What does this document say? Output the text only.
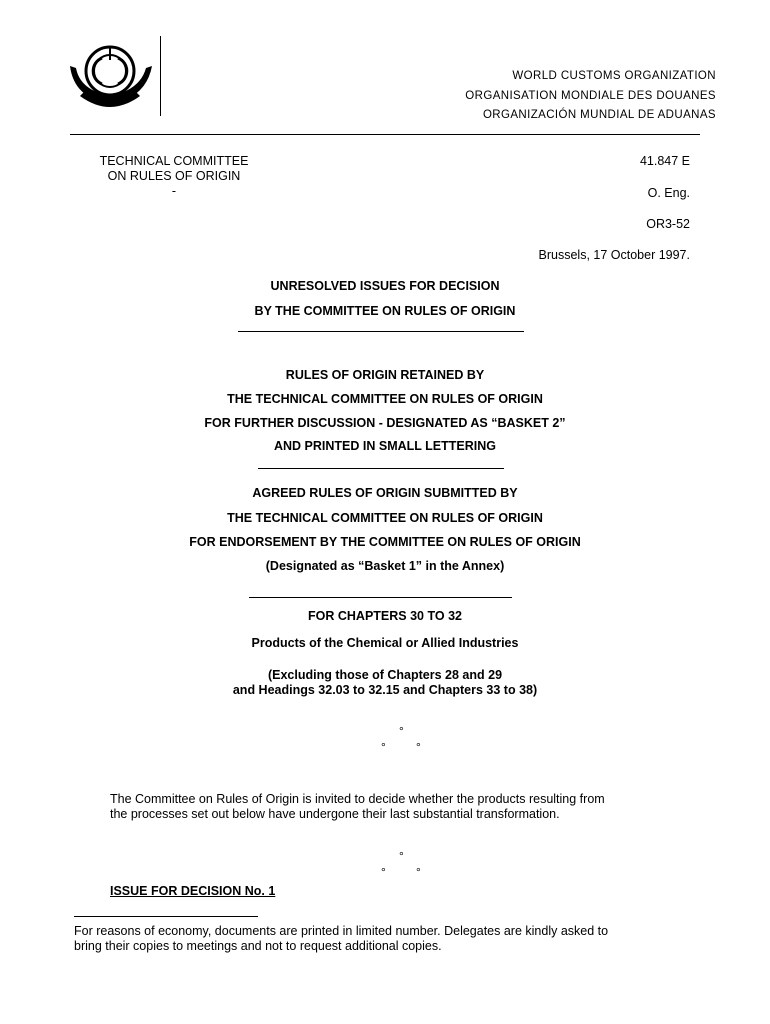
WORLD CUSTOMS ORGANIZATION
ORGANISATION MONDIALE DES DOUANES
ORGANIZACIÓN MUNDIAL DE ADUANAS
TECHNICAL COMMITTEE
ON RULES OF ORIGIN
-
41.847 E
O. Eng.
OR3-52
Brussels, 17 October 1997.
UNRESOLVED ISSUES FOR DECISION
BY THE COMMITTEE ON RULES OF ORIGIN
RULES OF ORIGIN RETAINED BY
THE TECHNICAL COMMITTEE ON RULES OF ORIGIN
FOR FURTHER DISCUSSION - DESIGNATED AS “BASKET 2”
AND PRINTED IN SMALL LETTERING
AGREED RULES OF ORIGIN SUBMITTED BY
THE TECHNICAL COMMITTEE ON RULES OF ORIGIN
FOR ENDORSEMENT BY THE COMMITTEE ON RULES OF ORIGIN
(Designated as “Basket 1” in the Annex)
FOR CHAPTERS 30 TO 32
Products of the Chemical or Allied Industries
(Excluding those of Chapters 28 and 29
and Headings 32.03 to 32.15 and Chapters 33 to 38)
°
°	°
The Committee on Rules of Origin is invited to decide whether the products resulting from
the processes set out below have undergone their last substantial transformation.
°
°	°
ISSUE FOR DECISION No. 1
For reasons of economy, documents are printed in limited number. Delegates are kindly asked to
bring their copies to meetings and not to request additional copies.
